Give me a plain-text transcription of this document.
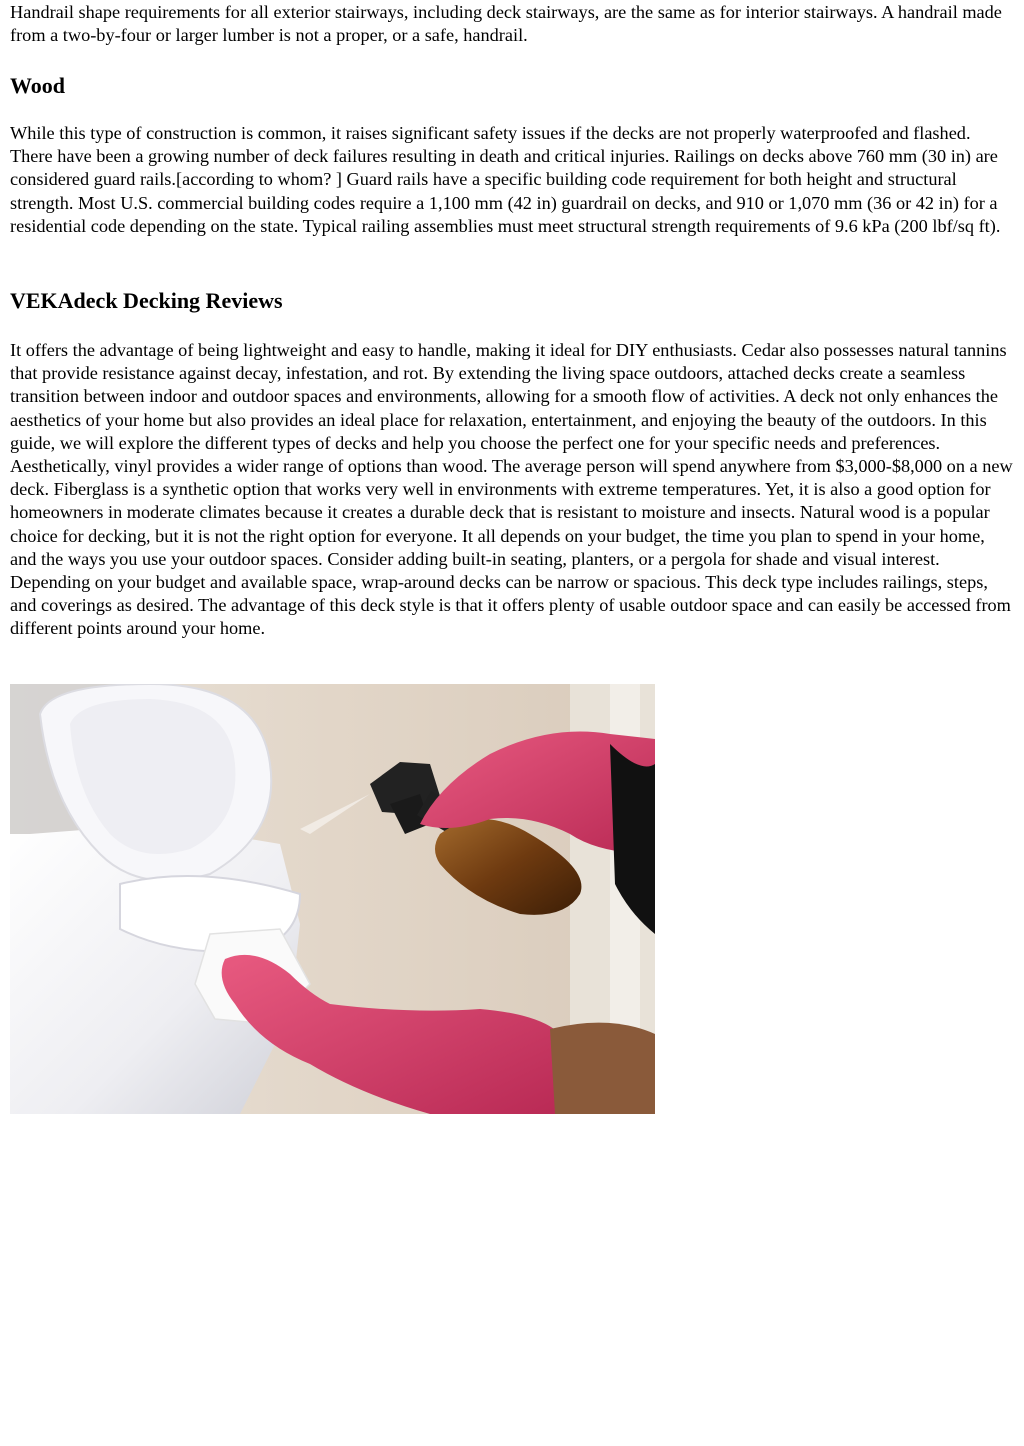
Handrail shape requirements for all exterior stairways, including deck stairways, are the same as for interior stairways. A handrail made from a two-by-four or larger lumber is not a proper, or a safe, handrail.

Wood

While this type of construction is common, it raises significant safety issues if the decks are not properly waterproofed and flashed. There have been a growing number of deck failures resulting in death and critical injuries. Railings on decks above 760 mm (30 in) are considered guard rails.[according to whom? ] Guard rails have a specific building code requirement for both height and structural strength. Most U.S. commercial building codes require a 1,100 mm (42 in) guardrail on decks, and 910 or 1,070 mm (36 or 42 in) for a residential code depending on the state. Typical railing assemblies must meet structural strength requirements of 9.6 kPa (200 lbf/sq ft).

VEKAdeck Decking Reviews

It offers the advantage of being lightweight and easy to handle, making it ideal for DIY enthusiasts. Cedar also possesses natural tannins that provide resistance against decay, infestation, and rot. By extending the living space outdoors, attached decks create a seamless transition between indoor and outdoor spaces and environments, allowing for a smooth flow of activities. A deck not only enhances the aesthetics of your home but also provides an ideal place for relaxation, entertainment, and enjoying the beauty of the outdoors. In this guide, we will explore the different types of decks and help you choose the perfect one for your specific needs and preferences. Aesthetically, vinyl provides a wider range of options than wood. The average person will spend anywhere from $3,000-$8,000 on a new deck. Fiberglass is a synthetic option that works very well in environments with extreme temperatures. Yet, it is also a good option for homeowners in moderate climates because it creates a durable deck that is resistant to moisture and insects. Natural wood is a popular choice for decking, but it is not the right option for everyone. It all depends on your budget, the time you plan to spend in your home, and the ways you use your outdoor spaces. Consider adding built-in seating, planters, or a pergola for shade and visual interest. Depending on your budget and available space, wrap-around decks can be narrow or spacious. This deck type includes railings, steps, and coverings as desired. The advantage of this deck style is that it offers plenty of usable outdoor space and can easily be accessed from different points around your home.
